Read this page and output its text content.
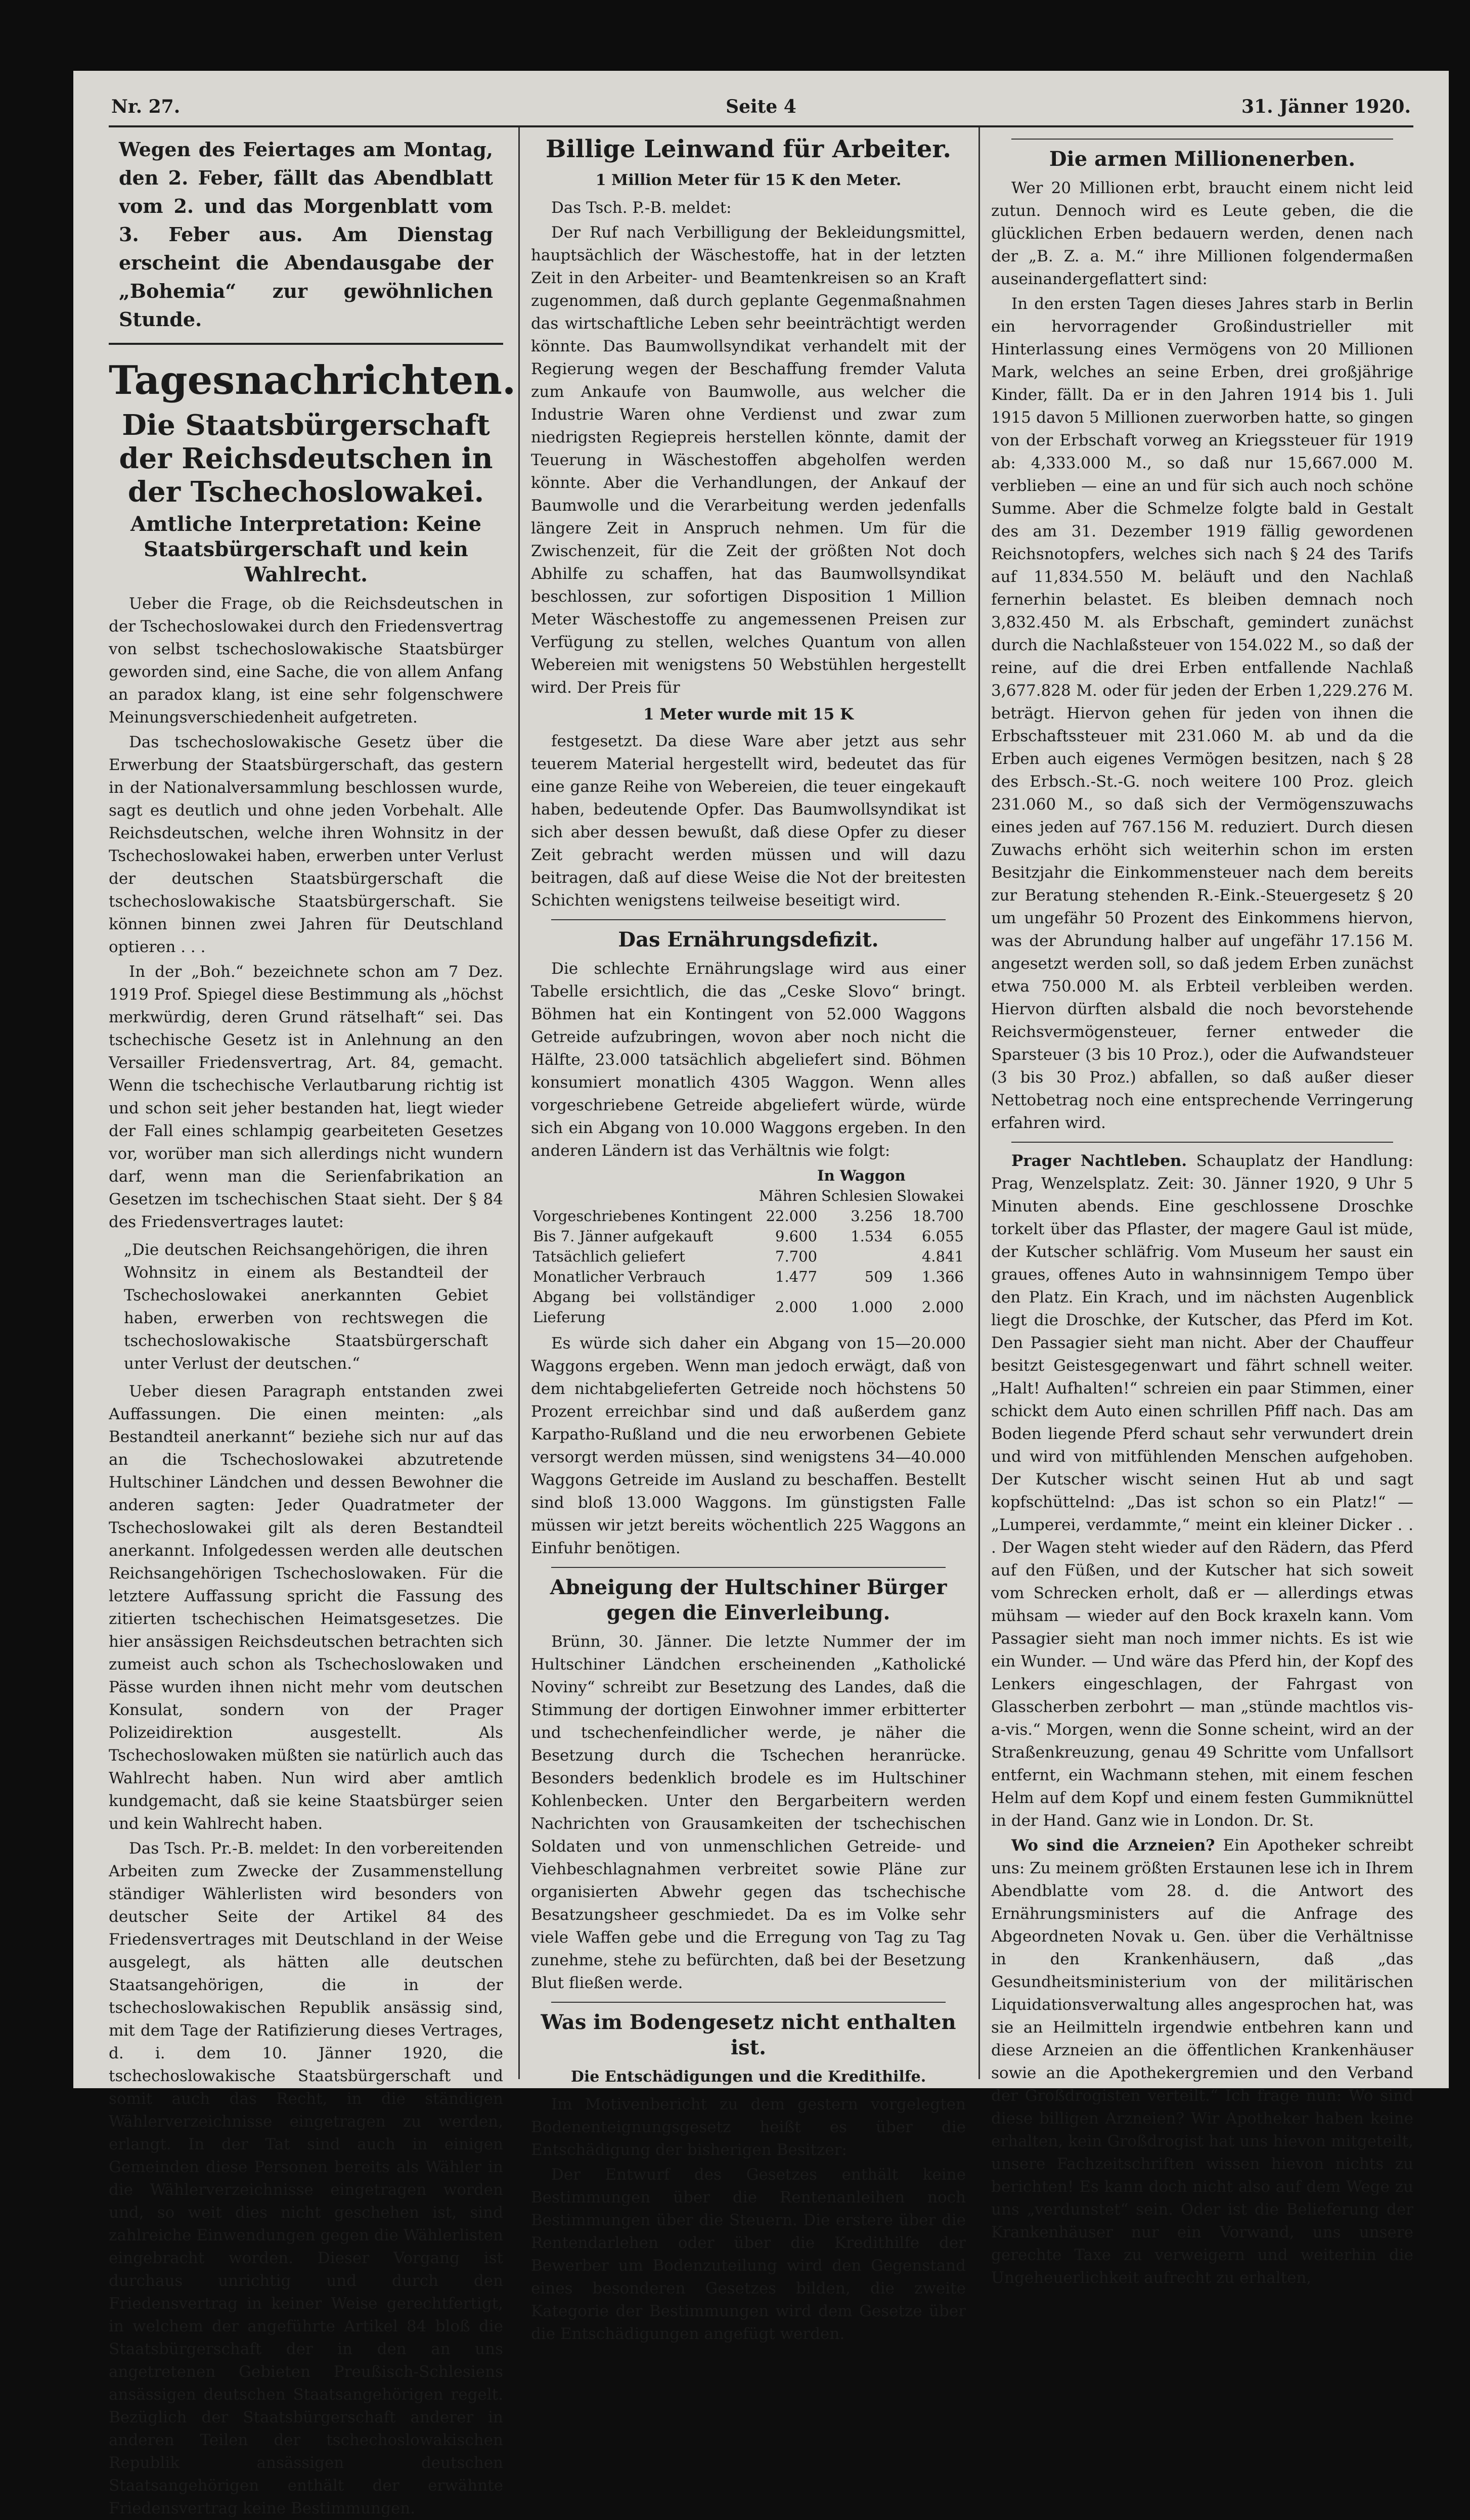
Nr. 27.	Seite 4	31. Jänner 1920.
Wegen des Feiertages am Montag, den 2. Feber, fällt das Abendblatt vom 2. und das Morgenblatt vom 3. Feber aus. Am Dienstag erscheint die Abendausgabe der „Bohemia“ zur gewöhnlichen Stunde.
Tagesnachrichten.
Die Staatsbürgerschaft der Reichsdeutschen in der Tschechoslowakei.
Amtliche Interpretation: Keine Staatsbürgerschaft und kein Wahlrecht.

Ueber die Frage, ob die Reichsdeutschen in der Tschechoslowakei durch den Friedensvertrag von selbst tschechoslowakische Staatsbürger geworden sind, eine Sache, die von allem Anfang an paradox klang, ist eine sehr folgenschwere Meinungsverschiedenheit aufgetreten.

Das tschechoslowakische Gesetz über die Erwerbung der Staatsbürgerschaft, das gestern in der Nationalversammlung beschlossen wurde, sagt es deutlich und ohne jeden Vorbehalt. Alle Reichsdeutschen, welche ihren Wohnsitz in der Tschechoslowakei haben, erwerben unter Verlust der deutschen Staatsbürgerschaft die tschechoslowakische Staatsbürgerschaft. Sie können binnen zwei Jahren für Deutschland optieren . . .

In der „Boh.“ bezeichnete schon am 7 Dez. 1919 Prof. Spiegel diese Bestimmung als „höchst merkwürdig, deren Grund rätselhaft“ sei. Das tschechische Gesetz ist in Anlehnung an den Versailler Friedensvertrag, Art. 84, gemacht. Wenn die tschechische Verlautbarung richtig ist und schon seit jeher bestanden hat, liegt wieder der Fall eines schlampig gearbeiteten Gesetzes vor, worüber man sich allerdings nicht wundern darf, wenn man die Serienfabrikation an Gesetzen im tschechischen Staat sieht. Der § 84 des Friedensvertrages lautet:

„Die deutschen Reichsangehörigen, die ihren Wohnsitz in einem als Bestandteil der Tschechoslowakei anerkannten Gebiet haben, erwerben von rechtswegen die tschechoslowakische Staatsbürgerschaft unter Verlust der deutschen.“

Ueber diesen Paragraph entstanden zwei Auffassungen. Die einen meinten: „als Bestandteil anerkannt“ beziehe sich nur auf das an die Tschechoslowakei abzutretende Hultschiner Ländchen und dessen Bewohner die anderen sagten: Jeder Quadratmeter der Tschechoslowakei gilt als deren Bestandteil anerkannt. Infolgedessen werden alle deutschen Reichsangehörigen Tschechoslowaken. Für die letztere Auffassung spricht die Fassung des zitierten tschechischen Heimatsgesetzes. Die hier ansässigen Reichsdeutschen betrachten sich zumeist auch schon als Tschechoslowaken und Pässe wurden ihnen nicht mehr vom deutschen Konsulat, sondern von der Prager Polizeidirektion ausgestellt. Als Tschechoslowaken müßten sie natürlich auch das Wahlrecht haben. Nun wird aber amtlich kundgemacht, daß sie keine Staatsbürger seien und kein Wahlrecht haben.

Das Tsch. Pr.-B. meldet: In den vorbereitenden Arbeiten zum Zwecke der Zusammenstellung ständiger Wählerlisten wird besonders von deutscher Seite der Artikel 84 des Friedensvertrages mit Deutschland in der Weise ausgelegt, als hätten alle deutschen Staatsangehörigen, die in der tschechoslowakischen Republik ansässig sind, mit dem Tage der Ratifizierung dieses Vertrages, d. i. dem 10. Jänner 1920, die tschechoslowakische Staatsbürgerschaft und somit auch das Recht, in die ständigen Wählerverzeichnisse eingetragen zu werden, erlangt. In der Tat sind auch in einigen Gemeinden diese Personen bereits als Wähler in die Wählerverzeichnisse eingetragen worden und, so weit dies nicht geschehen ist, sind zahlreiche Einwendungen gegen die Wählerlisten eingebracht worden. Dieser Vorgang ist durchaus unrichtig und durch den Friedensvertrag in keiner Weise gerechtfertigt, in welchem der angeführte Artikel 84 bloß die Staatsbürgerschaft der in den an uns angetretenen Gebieten Preußisch-Schlesiens ansässigen deutschen Staatsangehörigen regelt. Bezüglich der Staatsbürgerschaft anderer in anderen Teilen der tschechoslowakischen Republik ansässigen deutschen Staatsangehörigen enthält der erwähnte Friedensvertrag keine Bestimmungen.

Billige Leinwand für Arbeiter.
1 Million Meter für 15 K den Meter.

Das Tsch. P.-B. meldet:

Der Ruf nach Verbilligung der Bekleidungsmittel, hauptsächlich der Wäschestoffe, hat in der letzten Zeit in den Arbeiter- und Beamtenkreisen so an Kraft zugenommen, daß durch geplante Gegenmaßnahmen das wirtschaftliche Leben sehr beeinträchtigt werden könnte. Das Baumwollsyndikat verhandelt mit der Regierung wegen der Beschaffung fremder Valuta zum Ankaufe von Baumwolle, aus welcher die Industrie Waren ohne Verdienst und zwar zum niedrigsten Regiepreis herstellen könnte, damit der Teuerung in Wäschestoffen abgeholfen werden könnte. Aber die Verhandlungen, der Ankauf der Baumwolle und die Verarbeitung werden jedenfalls längere Zeit in Anspruch nehmen. Um für die Zwischenzeit, für die Zeit der größten Not doch Abhilfe zu schaffen, hat das Baumwollsyndikat beschlossen, zur sofortigen Disposition 1 Million Meter Wäschestoffe zu angemessenen Preisen zur Verfügung zu stellen, welches Quantum von allen Webereien mit wenigstens 50 Webstühlen hergestellt wird. Der Preis für

1 Meter wurde mit 15 K

festgesetzt. Da diese Ware aber jetzt aus sehr teuerem Material hergestellt wird, bedeutet das für eine ganze Reihe von Webereien, die teuer eingekauft haben, bedeutende Opfer. Das Baumwollsyndikat ist sich aber dessen bewußt, daß diese Opfer zu dieser Zeit gebracht werden müssen und will dazu beitragen, daß auf diese Weise die Not der breitesten Schichten wenigstens teilweise beseitigt wird.

Das Ernährungsdefizit.

Die schlechte Ernährungslage wird aus einer Tabelle ersichtlich, die das „Ceske Slovo“ bringt. Böhmen hat ein Kontingent von 52.000 Waggons Getreide aufzubringen, wovon aber noch nicht die Hälfte, 23.000 tatsächlich abgeliefert sind. Böhmen konsumiert monatlich 4305 Waggon. Wenn alles vorgeschriebene Getreide abgeliefert würde, würde sich ein Abgang von 10.000 Waggons ergeben. In den anderen Ländern ist das Verhältnis wie folgt:

	In Waggon		
	Mähren	Schlesien	Slowakei
Vorgeschriebenes Kontingent	22.000	3.256	18.700
Bis 7. Jänner aufgekauft	9.600	1.534	6.055
Tatsächlich geliefert	7.700		4.841
Monatlicher Verbrauch	1.477	509	1.366
Abgang bei vollständiger Lieferung	2.000	1.000	2.000

Es würde sich daher ein Abgang von 15—20.000 Waggons ergeben. Wenn man jedoch erwägt, daß von dem nichtabgelieferten Getreide noch höchstens 50 Prozent erreichbar sind und daß außerdem ganz Karpatho-Rußland und die neu erworbenen Gebiete versorgt werden müssen, sind wenigstens 34—40.000 Waggons Getreide im Ausland zu beschaffen. Bestellt sind bloß 13.000 Waggons. Im günstigsten Falle müssen wir jetzt bereits wöchentlich 225 Waggons an Einfuhr benötigen.

Abneigung der Hultschiner Bürger gegen die Einverleibung.

Brünn, 30. Jänner. Die letzte Nummer der im Hultschiner Ländchen erscheinenden „Katholické Noviny“ schreibt zur Besetzung des Landes, daß die Stimmung der dortigen Einwohner immer erbitterter und tschechenfeindlicher werde, je näher die Besetzung durch die Tschechen heranrücke. Besonders bedenklich brodele es im Hultschiner Kohlenbecken. Unter den Bergarbeitern werden Nachrichten von Grausamkeiten der tschechischen Soldaten und von unmenschlichen Getreide- und Viehbeschlagnahmen verbreitet sowie Pläne zur organisierten Abwehr gegen das tschechische Besatzungsheer geschmiedet. Da es im Volke sehr viele Waffen gebe und die Erregung von Tag zu Tag zunehme, stehe zu befürchten, daß bei der Besetzung Blut fließen werde.

Was im Bodengesetz nicht enthalten ist.
Die Entschädigungen und die Kredithilfe.

Im Motivenbericht zu dem gestern vorgelegten Bodenenteignungsgesetz heißt es über die Entschädigung der bisherigen Besitzer:

Der Entwurf des Gesetzes enthält keine Bestimmungen über die Rentenanleihen noch Bestimmungen über die Steuern. Die erstere über die Rentendarlehen oder über die Kredithilfe der Bewerber um Bodenzuteilung wird den Gegenstand eines besonderen Gesetzes bilden, die zweite Kategorie der Bestimmungen wird dem Gesetze über die Entschädigungen angefügt werden.

Die armen Millionenerben.

Wer 20 Millionen erbt, braucht einem nicht leid zutun. Dennoch wird es Leute geben, die die glücklichen Erben bedauern werden, denen nach der „B. Z. a. M.“ ihre Millionen folgendermaßen auseinandergeflattert sind:

In den ersten Tagen dieses Jahres starb in Berlin ein hervorragender Großindustrieller mit Hinterlassung eines Vermögens von 20 Millionen Mark, welches an seine Erben, drei großjährige Kinder, fällt. Da er in den Jahren 1914 bis 1. Juli 1915 davon 5 Millionen zuerworben hatte, so gingen von der Erbschaft vorweg an Kriegssteuer für 1919 ab: 4,333.000 M., so daß nur 15,667.000 M. verblieben — eine an und für sich auch noch schöne Summe. Aber die Schmelze folgte bald in Gestalt des am 31. Dezember 1919 fällig gewordenen Reichsnotopfers, welches sich nach § 24 des Tarifs auf 11,834.550 M. beläuft und den Nachlaß fernerhin belastet. Es bleiben demnach noch 3,832.450 M. als Erbschaft, gemindert zunächst durch die Nachlaßsteuer von 154.022 M., so daß der reine, auf die drei Erben entfallende Nachlaß 3,677.828 M. oder für jeden der Erben 1,229.276 M. beträgt. Hiervon gehen für jeden von ihnen die Erbschaftssteuer mit 231.060 M. ab und da die Erben auch eigenes Vermögen besitzen, nach § 28 des Erbsch.-St.-G. noch weitere 100 Proz. gleich 231.060 M., so daß sich der Vermögenszuwachs eines jeden auf 767.156 M. reduziert. Durch diesen Zuwachs erhöht sich weiterhin schon im ersten Besitzjahr die Einkommensteuer nach dem bereits zur Beratung stehenden R.-Eink.-Steuergesetz § 20 um ungefähr 50 Prozent des Einkommens hiervon, was der Abrundung halber auf ungefähr 17.156 M. angesetzt werden soll, so daß jedem Erben zunächst etwa 750.000 M. als Erbteil verbleiben werden. Hiervon dürften alsbald die noch bevorstehende Reichsvermögensteuer, ferner entweder die Sparsteuer (3 bis 10 Proz.), oder die Aufwandsteuer (3 bis 30 Proz.) abfallen, so daß außer dieser Nettobetrag noch eine entsprechende Verringerung erfahren wird.

Prager Nachtleben. Schauplatz der Handlung: Prag, Wenzelsplatz. Zeit: 30. Jänner 1920, 9 Uhr 5 Minuten abends. Eine geschlossene Droschke torkelt über das Pflaster, der magere Gaul ist müde, der Kutscher schläfrig. Vom Museum her saust ein graues, offenes Auto in wahnsinnigem Tempo über den Platz. Ein Krach, und im nächsten Augenblick liegt die Droschke, der Kutscher, das Pferd im Kot. Den Passagier sieht man nicht. Aber der Chauffeur besitzt Geistesgegenwart und fährt schnell weiter. „Halt! Aufhalten!“ schreien ein paar Stimmen, einer schickt dem Auto einen schrillen Pfiff nach. Das am Boden liegende Pferd schaut sehr verwundert drein und wird von mitfühlenden Menschen aufgehoben. Der Kutscher wischt seinen Hut ab und sagt kopfschüttelnd: „Das ist schon so ein Platz!“ — „Lumperei, verdammte,“ meint ein kleiner Dicker . . . Der Wagen steht wieder auf den Rädern, das Pferd auf den Füßen, und der Kutscher hat sich soweit vom Schrecken erholt, daß er — allerdings etwas mühsam — wieder auf den Bock kraxeln kann. Vom Passagier sieht man noch immer nichts. Es ist wie ein Wunder. — Und wäre das Pferd hin, der Kopf des Lenkers eingeschlagen, der Fahrgast von Glasscherben zerbohrt — man „stünde machtlos vis-a-vis.“ Morgen, wenn die Sonne scheint, wird an der Straßenkreuzung, genau 49 Schritte vom Unfallsort entfernt, ein Wachmann stehen, mit einem feschen Helm auf dem Kopf und einem festen Gummiknüttel in der Hand. Ganz wie in London. Dr. St.

Wo sind die Arzneien? Ein Apotheker schreibt uns: Zu meinem größten Erstaunen lese ich in Ihrem Abendblatte vom 28. d. die Antwort des Ernährungsministers auf die Anfrage des Abgeordneten Novak u. Gen. über die Verhältnisse in den Krankenhäusern, daß „das Gesundheitsministerium von der militärischen Liquidationsverwaltung alles angesprochen hat, was sie an Heilmitteln irgendwie entbehren kann und diese Arzneien an die öffentlichen Krankenhäuser sowie an die Apothekergremien und den Verband der Großdrogisten verteilt.“ Ich frage nun: Wo sind diese billigen Arzneien? Wir Apotheker haben keine erhalten, kein Großdrogist hat uns hievon mitgeteilt, unsere Fachzeitschriften wissen hievon nichts zu berichten! Es kann doch nicht also auf dem Wege zu uns „verdunstet“ sein. Oder ist die Belieferung der Krankenhäuser nur ein Vorwand, uns unsere gerechte Taxe zu verweigern und weiterhin die Ungeheuerlichkeit aufrecht zu erhalten,
